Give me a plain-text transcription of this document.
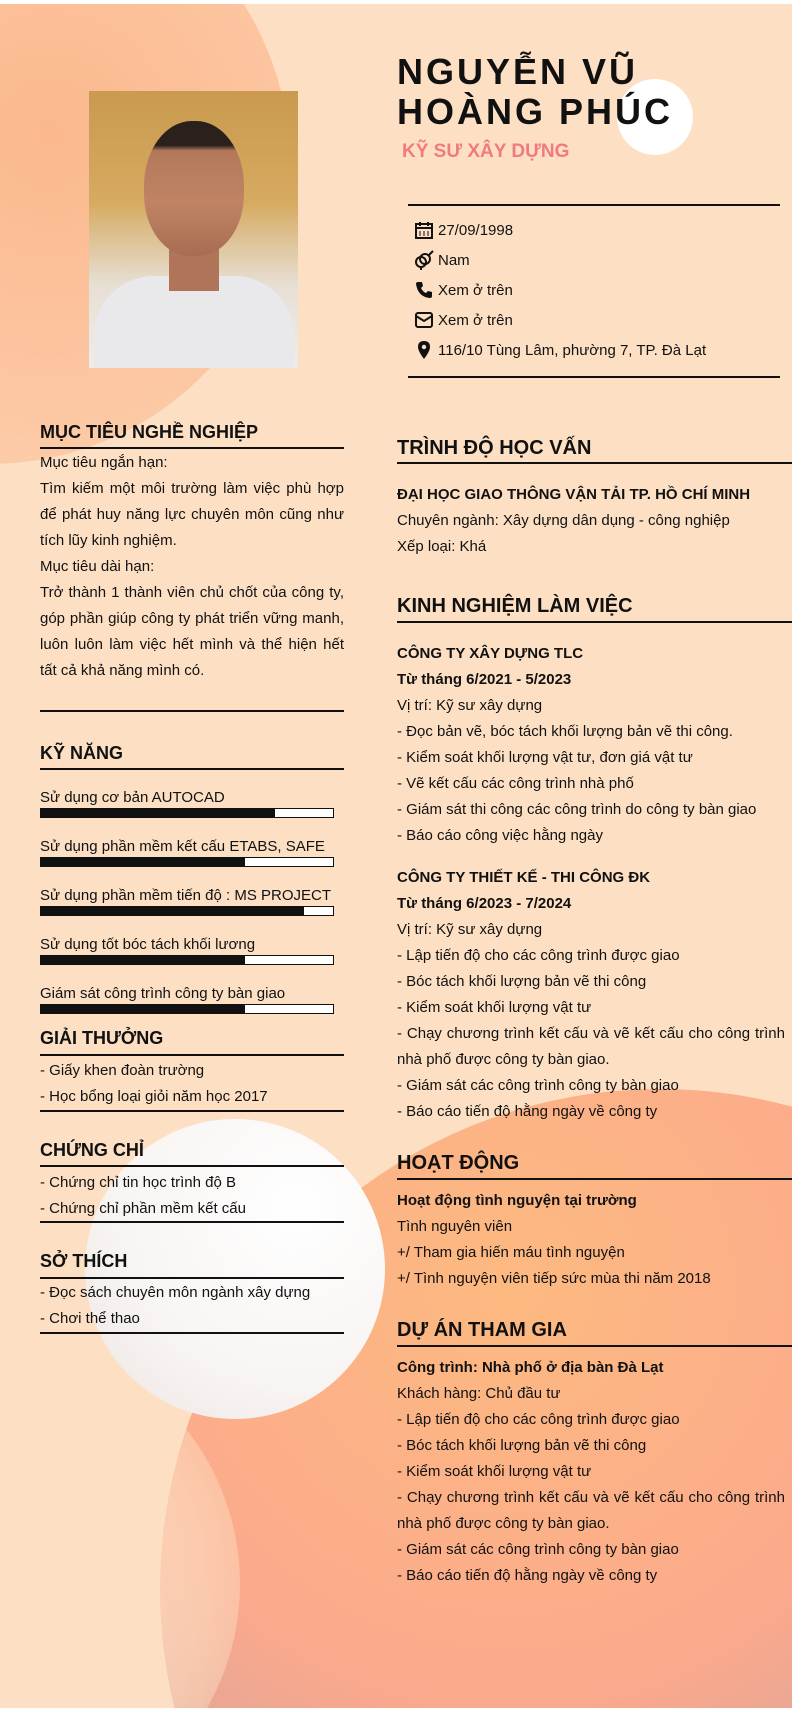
NGUYỄN VŨ HOÀNG PHÚC
KỸ SƯ XÂY DỰNG
27/09/1998
Nam
Xem ở trên
Xem ở trên
116/10 Tùng Lâm, phường 7, TP. Đà Lạt
MỤC TIÊU NGHỀ NGHIỆP
Mục tiêu ngắn hạn:
Tìm kiếm một môi trường làm việc phù hợp để phát huy năng lực chuyên môn cũng như tích lũy kinh nghiệm.
Mục tiêu dài hạn:
Trở thành 1 thành viên chủ chốt của công ty, góp phần giúp công ty phát triển vững manh, luôn luôn làm việc hết mình và thể hiện hết tất cả khả năng mình có.
KỸ NĂNG
Sử dụng cơ bản AUTOCAD
Sử dụng phần mềm kết cấu ETABS, SAFE
Sử dụng phần mềm tiến độ : MS PROJECT
Sử dụng tốt bóc tách khối lương
Giám sát công trình công ty bàn giao
GIẢI THƯỞNG
- Giấy khen đoàn trường
- Học bổng loại giỏi năm học 2017
CHỨNG CHỈ
- Chứng chỉ tin học trình độ B
- Chứng chỉ phần mềm kết cấu
SỞ THÍCH
- Đọc sách chuyên môn ngành xây dựng
- Chơi thể thao
TRÌNH ĐỘ HỌC VẤN
ĐẠI HỌC GIAO THÔNG VẬN TẢI TP. HỒ CHÍ MINH
Chuyên ngành: Xây dựng dân dụng - công nghiệp
Xếp loại: Khá
KINH NGHIỆM LÀM VIỆC
CÔNG TY XÂY DỰNG TLC
Từ tháng 6/2021 - 5/2023
Vị trí: Kỹ sư xây dựng
- Đọc bản vẽ, bóc tách khối lượng bản vẽ thi công.
- Kiểm soát khối lượng vật tư, đơn giá vật tư
- Vẽ kết cấu các công trình nhà phố
- Giám sát thi công các công trình do công ty bàn giao
- Báo cáo công việc hằng ngày
CÔNG TY THIẾT KẾ - THI CÔNG ĐK
Từ tháng 6/2023 - 7/2024
Vị trí: Kỹ sư xây dựng
- Lập tiến độ cho các công trình được giao
- Bóc tách khối lượng bản vẽ thi công
- Kiểm soát khối lượng vật tư
- Chạy chương trình kết cấu và vẽ kết cấu cho công trình nhà phố được công ty bàn giao.
- Giám sát các công trình công ty bàn giao
- Báo cáo tiến độ hằng ngày về công ty
HOẠT ĐỘNG
Hoạt động tình nguyện tại trường
Tình nguyên viên
+/ Tham gia hiến máu tình nguyện
+/ Tình nguyện viên tiếp sức mùa thi năm 2018
DỰ ÁN THAM GIA
Công trình: Nhà phố ở địa bàn Đà Lạt
Khách hàng: Chủ đầu tư
- Lập tiến độ cho các công trình được giao
- Bóc tách khối lượng bản vẽ thi công
- Kiểm soát khối lượng vật tư
- Chạy chương trình kết cấu và vẽ kết cấu cho công trình nhà phố được công ty bàn giao.
- Giám sát các công trình công ty bàn giao
- Báo cáo tiến độ hằng ngày về công ty
